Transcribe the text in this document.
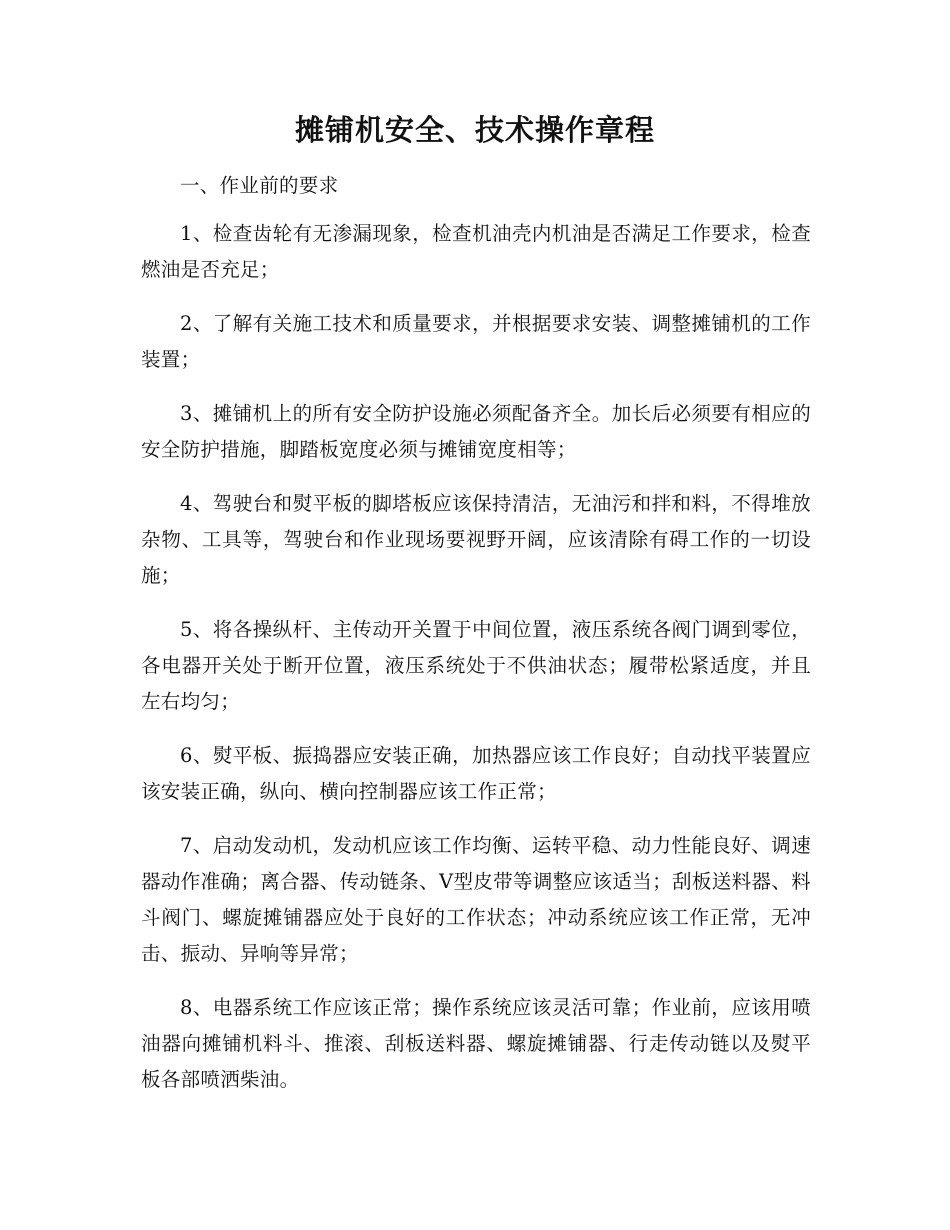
摊铺机安全、技术操作章程

一、作业前的要求

1、检查齿轮有无渗漏现象，检查机油壳内机油是否满足工作要求，检查燃油是否充足；

2、了解有关施工技术和质量要求，并根据要求安装、调整摊铺机的工作装置；

3、摊铺机上的所有安全防护设施必须配备齐全。加长后必须要有相应的安全防护措施，脚踏板宽度必须与摊铺宽度相等；

4、驾驶台和熨平板的脚塔板应该保持清洁，无油污和拌和料，不得堆放杂物、工具等，驾驶台和作业现场要视野开阔，应该清除有碍工作的一切设施；

5、将各操纵杆、主传动开关置于中间位置，液压系统各阀门调到零位，各电器开关处于断开位置，液压系统处于不供油状态；履带松紧适度，并且左右均匀；

6、熨平板、振捣器应安装正确，加热器应该工作良好；自动找平装置应该安装正确，纵向、横向控制器应该工作正常；

7、启动发动机，发动机应该工作均衡、运转平稳、动力性能良好、调速器动作准确；离合器、传动链条、V型皮带等调整应该适当；刮板送料器、料斗阀门、螺旋摊铺器应处于良好的工作状态；冲动系统应该工作正常，无冲击、振动、异响等异常；

8、电器系统工作应该正常；操作系统应该灵活可靠；作业前，应该用喷油器向摊铺机料斗、推滚、刮板送料器、螺旋摊铺器、行走传动链以及熨平板各部喷洒柴油。
